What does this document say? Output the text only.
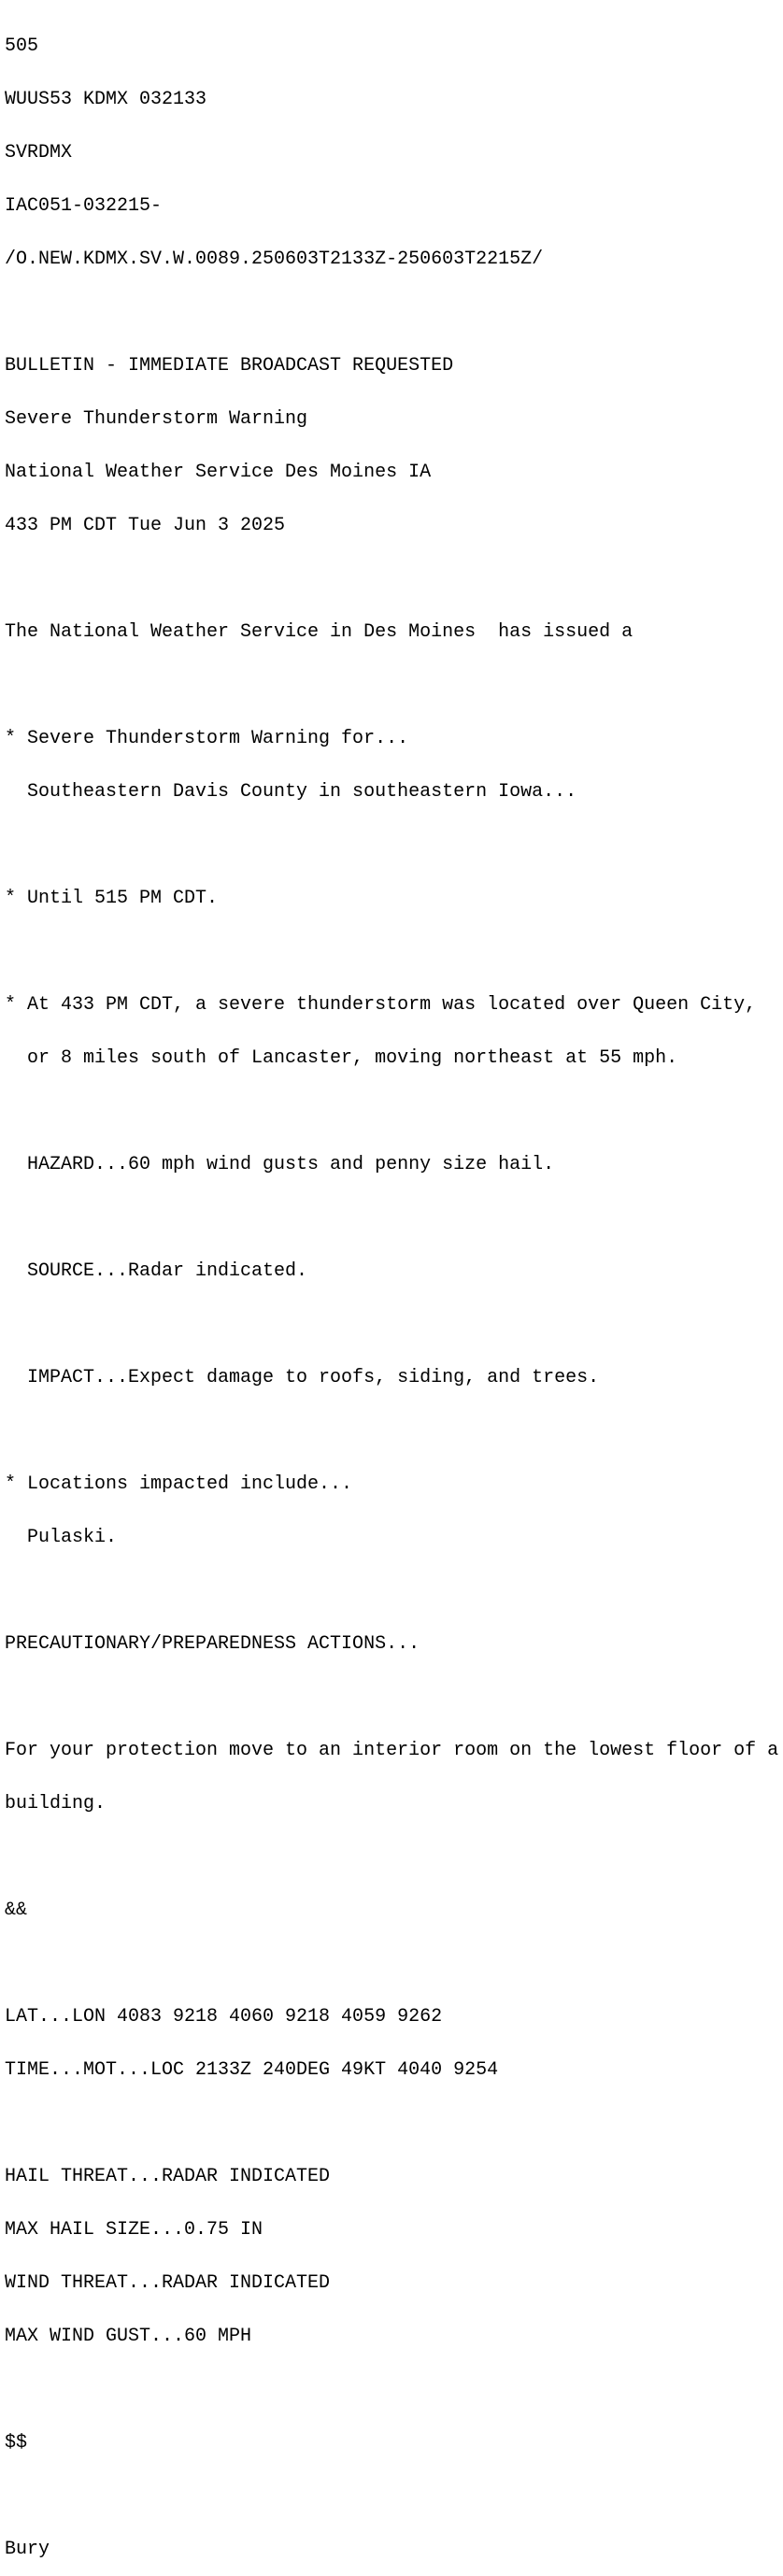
505

WUUS53 KDMX 032133

SVRDMX

IAC051-032215-

/O.NEW.KDMX.SV.W.0089.250603T2133Z-250603T2215Z/

BULLETIN - IMMEDIATE BROADCAST REQUESTED

Severe Thunderstorm Warning

National Weather Service Des Moines IA

433 PM CDT Tue Jun 3 2025

The National Weather Service in Des Moines  has issued a

* Severe Thunderstorm Warning for...

Southeastern Davis County in southeastern Iowa...

* Until 515 PM CDT.

* At 433 PM CDT, a severe thunderstorm was located over Queen City,

or 8 miles south of Lancaster, moving northeast at 55 mph.

HAZARD...60 mph wind gusts and penny size hail.

SOURCE...Radar indicated.

IMPACT...Expect damage to roofs, siding, and trees.

* Locations impacted include...

Pulaski.

PRECAUTIONARY/PREPAREDNESS ACTIONS...

For your protection move to an interior room on the lowest floor of a

building.

&&

LAT...LON 4083 9218 4060 9218 4059 9262

TIME...MOT...LOC 2133Z 240DEG 49KT 4040 9254

HAIL THREAT...RADAR INDICATED

MAX HAIL SIZE...0.75 IN

WIND THREAT...RADAR INDICATED

MAX WIND GUST...60 MPH

$$

Bury
